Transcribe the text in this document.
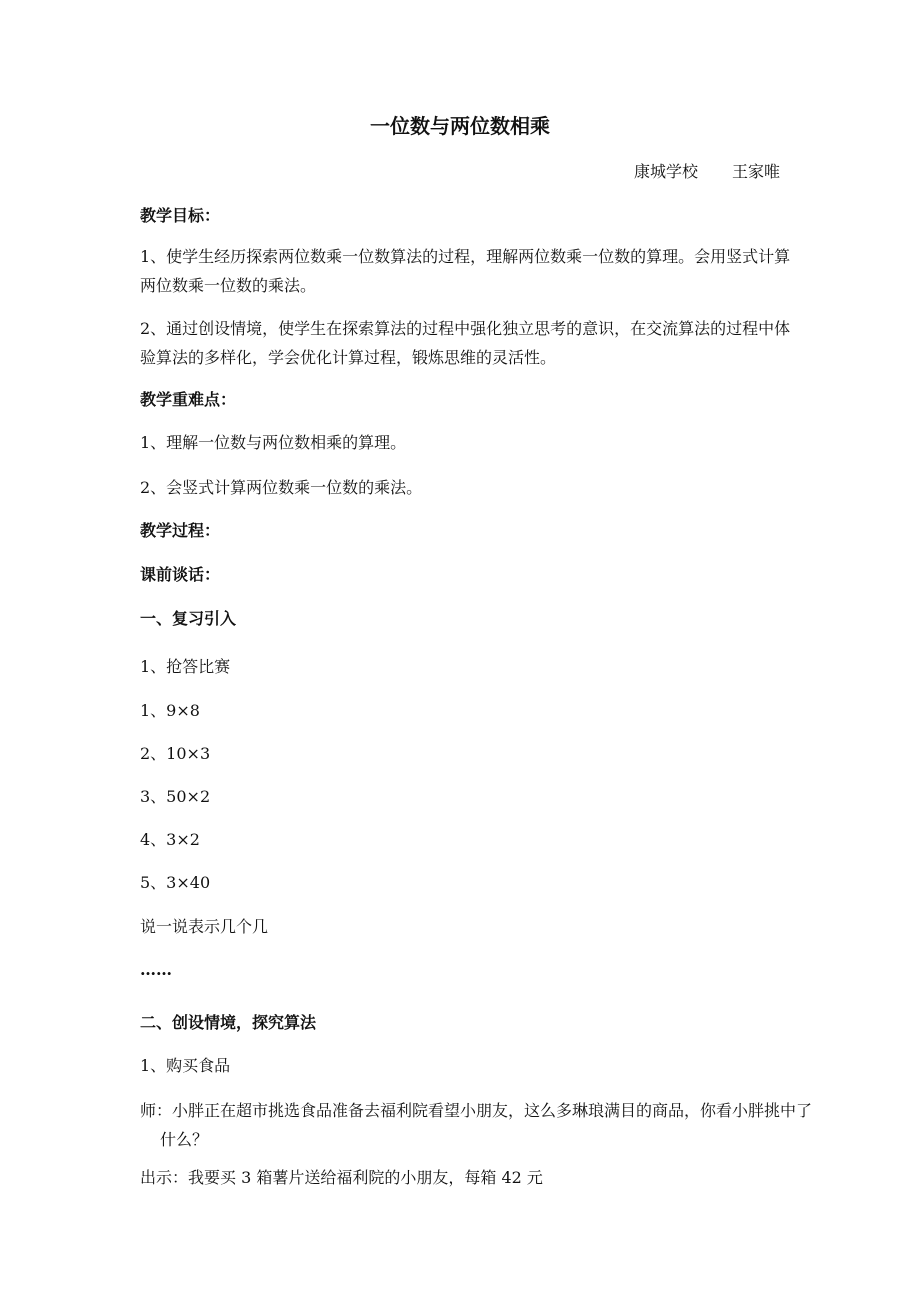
一位数与两位数相乘
康城学校 王家唯
教学目标：
1、使学生经历探索两位数乘一位数算法的过程，理解两位数乘一位数的算理。会用竖式计算两位数乘一位数的乘法。
2、通过创设情境，使学生在探索算法的过程中强化独立思考的意识，在交流算法的过程中体验算法的多样化，学会优化计算过程，锻炼思维的灵活性。
教学重难点：
1、理解一位数与两位数相乘的算理。
2、会竖式计算两位数乘一位数的乘法。
教学过程：
课前谈话：
一、复习引入
1、抢答比赛
1、9×8
2、10×3
3、50×2
4、3×2
5、3×40
说一说表示几个几
……
二、创设情境，探究算法
1、购买食品
师：小胖正在超市挑选食品准备去福利院看望小朋友，这么多琳琅满目的商品，你看小胖挑中了什么？
出示：我要买 3 箱薯片送给福利院的小朋友，每箱 42 元
